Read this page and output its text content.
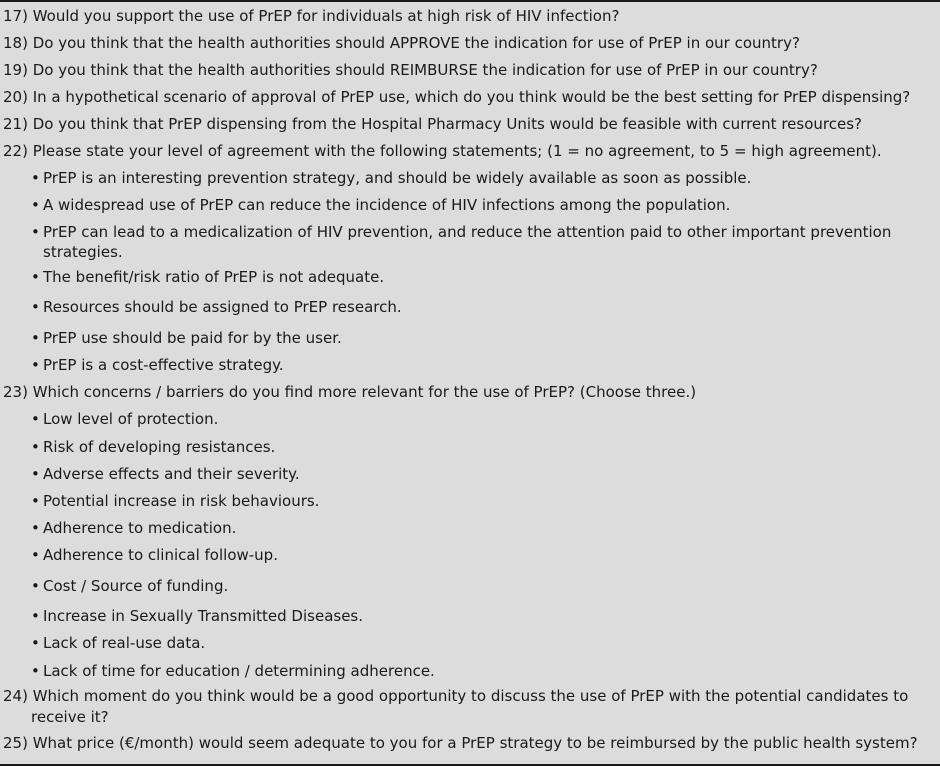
17) Would you support the use of PrEP for individuals at high risk of HIV infection?
18) Do you think that the health authorities should APPROVE the indication for use of PrEP in our country?
19) Do you think that the health authorities should REIMBURSE the indication for use of PrEP in our country?
20) In a hypothetical scenario of approval of PrEP use, which do you think would be the best setting for PrEP dispensing?
21) Do you think that PrEP dispensing from the Hospital Pharmacy Units would be feasible with current resources?
22) Please state your level of agreement with the following statements; (1 = no agreement, to 5 = high agreement).
• PrEP is an interesting prevention strategy, and should be widely available as soon as possible.
• A widespread use of PrEP can reduce the incidence of HIV infections among the population.
• PrEP can lead to a medicalization of HIV prevention, and reduce the attention paid to other important prevention strategies.
• The benefit/risk ratio of PrEP is not adequate.
• Resources should be assigned to PrEP research.
• PrEP use should be paid for by the user.
• PrEP is a cost-effective strategy.
23) Which concerns / barriers do you find more relevant for the use of PrEP? (Choose three.)
• Low level of protection.
• Risk of developing resistances.
• Adverse effects and their severity.
• Potential increase in risk behaviours.
• Adherence to medication.
• Adherence to clinical follow-up.
• Cost / Source of funding.
• Increase in Sexually Transmitted Diseases.
• Lack of real-use data.
• Lack of time for education / determining adherence.
24) Which moment do you think would be a good opportunity to discuss the use of PrEP with the potential candidates to receive it?
25) What price (€/month) would seem adequate to you for a PrEP strategy to be reimbursed by the public health system?
